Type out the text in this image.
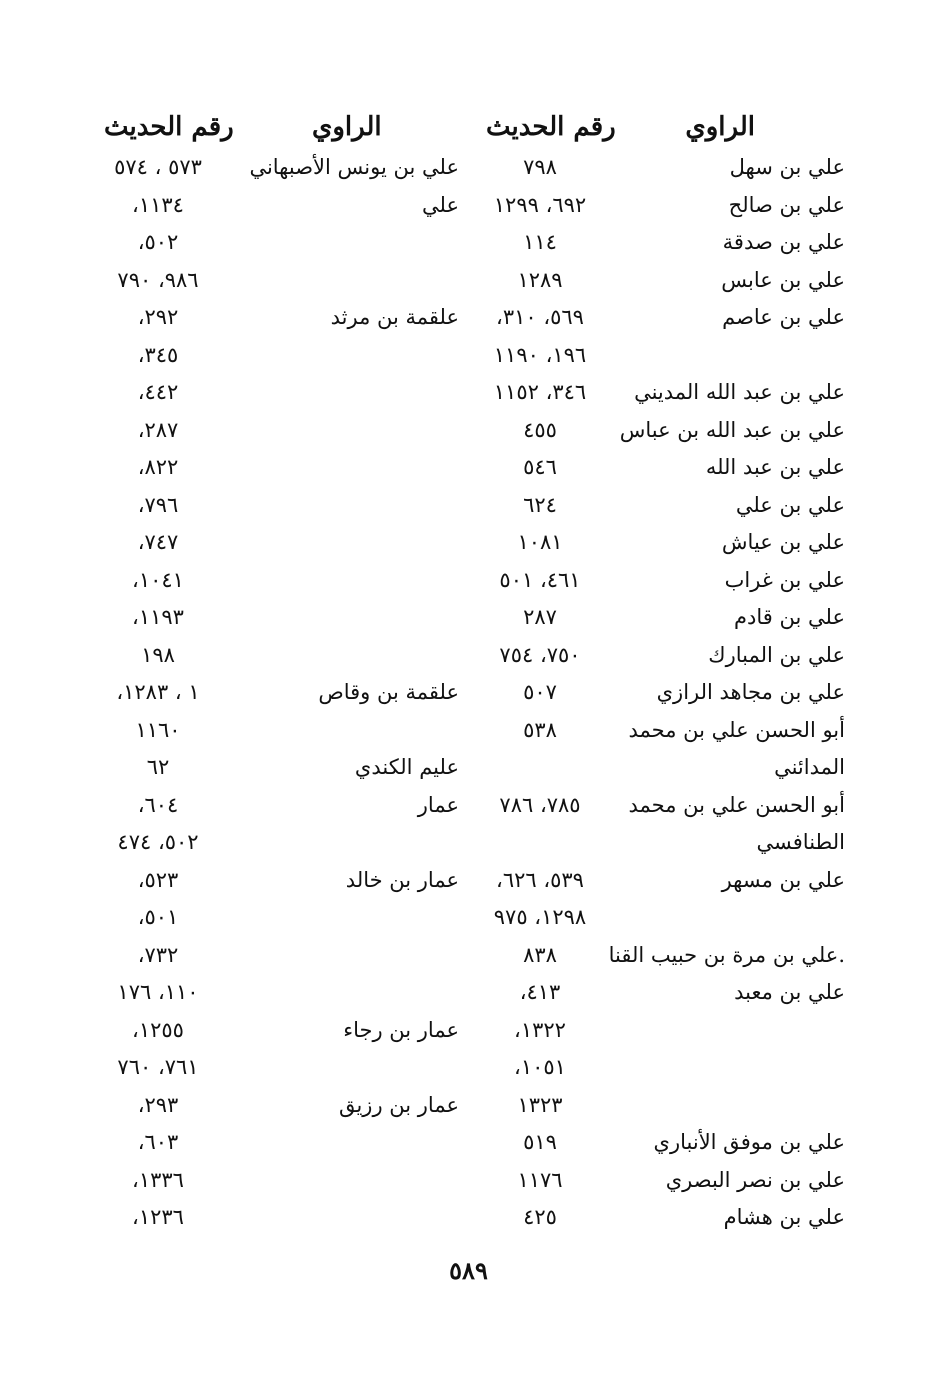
الراوي
رقم الحديث
الراوي
رقم الحديث
علي بن سهل
٧٩٨
علي بن يونس الأصبهاني
٥٧٣ ، ٥٧٤
علي بن صالح
٦٩٢، ١٢٩٩
علي
١١٣٤،
علي بن صدقة
١١٤
٥٠٢،
علي بن عابس
١٢٨٩
٩٨٦، ٧٩٠
علي بن عاصم
٥٦٩، ٣١٠،
علقمة بن مرثد
٢٩٢،
١٩٦، ١١٩٠
٣٤٥،
علي بن عبد الله المديني
٣٤٦، ١١٥٢
٤٤٢،
علي بن عبد الله بن عباس
٤٥٥
٢٨٧،
علي بن عبد الله
٥٤٦
٨٢٢،
علي بن علي
٦٢٤
٧٩٦،
علي بن عياش
١٠٨١
٧٤٧،
علي بن غراب
٤٦١، ٥٠١
١٠٤١،
علي بن قادم
٢٨٧
١١٩٣،
علي بن المبارك
٧٥٠، ٧٥٤
١٩٨
علي بن مجاهد الرازي
٥٠٧
علقمة بن وقاص
١ ، ١٢٨٣،
أبو الحسن علي بن محمد
٥٣٨
١١٦٠
المدائني
عليم الكندي
٦٢
أبو الحسن علي بن محمد
٧٨٥، ٧٨٦
عمار
٦٠٤،
الطنافسي
٥٠٢، ٤٧٤
علي بن مسهر
٥٣٩، ٦٢٦،
عمار بن خالد
٥٢٣،
١٢٩٨، ٩٧٥
٥٠١،
.علي بن مرة بن حبيب القنا
٨٣٨
٧٣٢،
علي بن معبد
٤١٣،
١١٠، ١٧٦
١٣٢٢،
عمار بن رجاء
١٢٥٥،
١٠٥١،
٧٦١، ٧٦٠
١٣٢٣
عمار بن رزيق
٢٩٣،
علي بن موفق الأنباري
٥١٩
٦٠٣،
علي بن نصر البصري
١١٧٦
١٣٣٦،
علي بن هشام
٤٢٥
١٢٣٦،
٥٨٩
